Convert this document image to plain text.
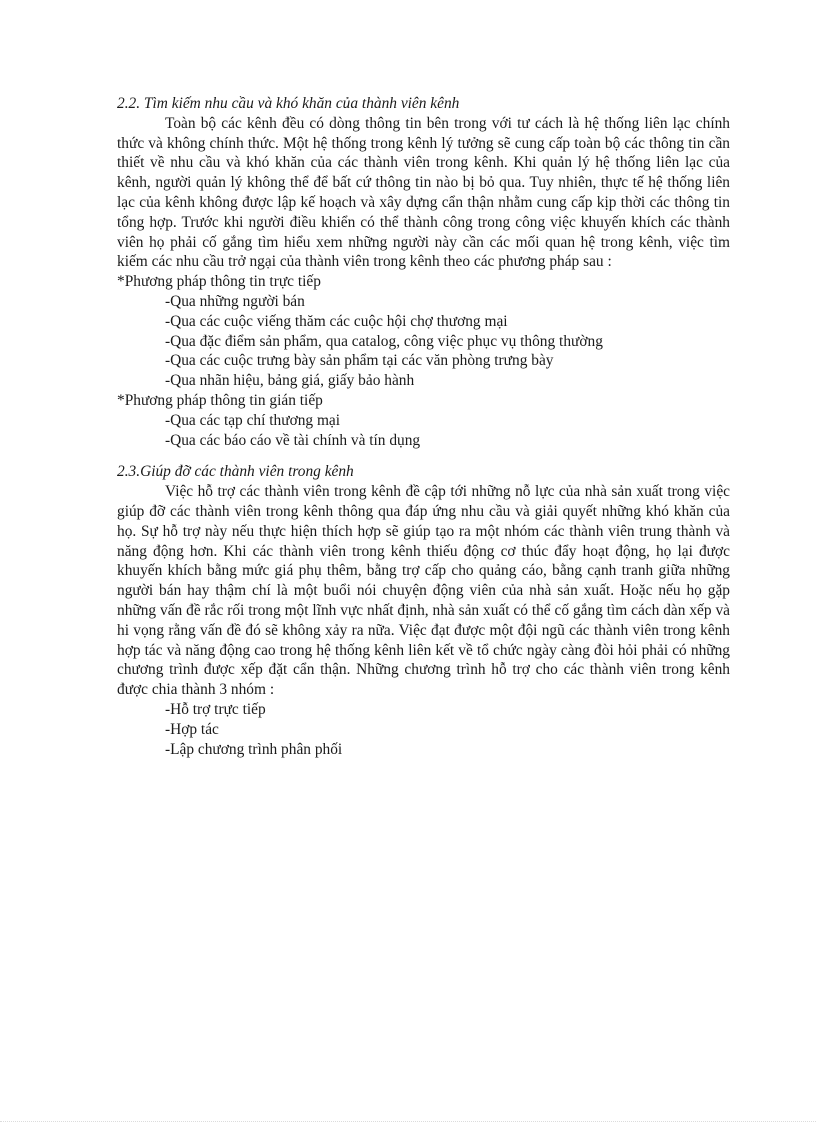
2.2. Tìm kiếm nhu cầu và khó khăn của thành viên kênh

Toàn bộ các kênh đều có dòng thông tin bên trong với tư cách là hệ thống liên lạc chính thức và không chính thức. Một hệ thống trong kênh lý tưởng sẽ cung cấp toàn bộ các thông tin cần thiết về nhu cầu và khó khăn của các thành viên trong kênh. Khi quản lý hệ thống liên lạc của kênh, người quản lý không thể để bất cứ thông tin nào bị bỏ qua. Tuy nhiên, thực tế hệ thống liên lạc của kênh không được lập kế hoạch và xây dựng cẩn thận nhằm cung cấp kịp thời các thông tin tổng hợp. Trước khi người điều khiển có thể thành công trong công việc khuyến khích các thành viên họ phải cố gắng tìm hiểu xem những người này cần các mối quan hệ trong kênh, việc tìm kiếm các nhu cầu trở ngại của thành viên trong kênh theo các phương pháp sau :

*Phương pháp thông tin trực tiếp

-Qua những người bán

-Qua các cuộc viếng thăm các cuộc hội chợ thương mại

-Qua đặc điểm sản phẩm, qua catalog, công việc phục vụ thông thường

-Qua các cuộc trưng bày sản phẩm tại các văn phòng trưng bày

-Qua nhãn hiệu, bảng giá, giấy bảo hành

*Phương pháp thông tin gián tiếp

-Qua các tạp chí thương mại

-Qua các báo cáo về tài chính và tín dụng

2.3.Giúp đỡ các thành viên trong kênh

Việc hỗ trợ các thành viên trong kênh đề cập tới những nỗ lực của nhà sản xuất trong việc giúp đỡ các thành viên trong kênh thông qua đáp ứng nhu cầu và giải quyết những khó khăn của họ. Sự hỗ trợ này nếu thực hiện thích hợp sẽ giúp tạo ra một nhóm các thành viên trung thành và năng động hơn. Khi các thành viên trong kênh thiếu động cơ thúc đẩy hoạt động, họ lại được khuyến khích bằng mức giá phụ thêm, bằng trợ cấp cho quảng cáo, bằng cạnh tranh giữa những người bán hay thậm chí là một buổi nói chuyện động viên của nhà sản xuất. Hoặc nếu họ gặp những vấn đề rắc rối trong một lĩnh vực nhất định, nhà sản xuất có thể cố gắng tìm cách dàn xếp và hi vọng rằng vấn đề đó sẽ không xảy ra nữa. Việc đạt được một đội ngũ các thành viên trong kênh hợp tác và năng động cao trong hệ thống kênh liên kết về tổ chức ngày càng đòi hỏi phải có những chương trình được xếp đặt cẩn thận. Những chương trình hỗ trợ cho các thành viên trong kênh được chia thành 3 nhóm :

-Hỗ trợ trực tiếp

-Hợp tác

-Lập chương trình phân phối
